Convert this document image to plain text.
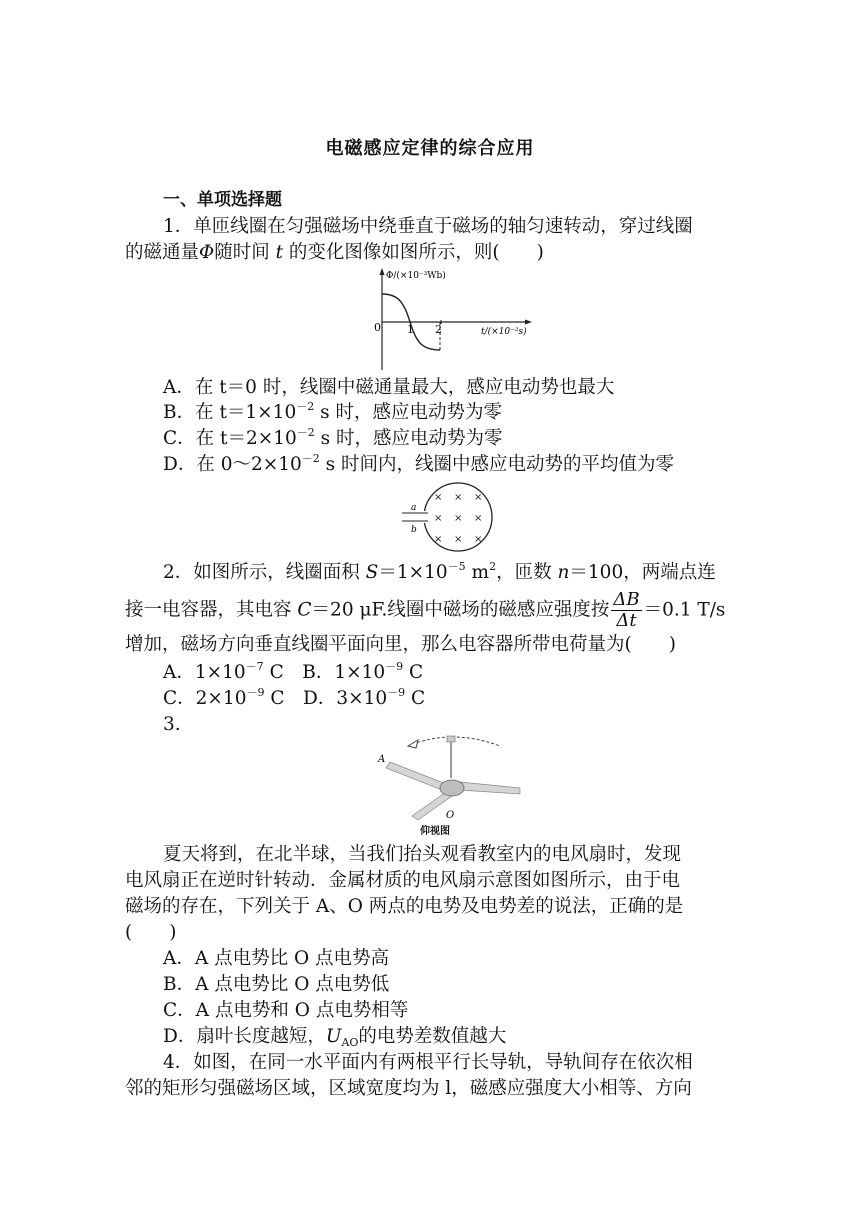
电磁感应定律的综合应用
一、单项选择题
1．单匝线圈在匀强磁场中绕垂直于磁场的轴匀速转动，穿过线圈
的磁通量Φ随时间 t 的变化图像如图所示，则(　　)
Φ/(×10⁻³Wb)
t/(×10⁻²s)
0 1 2
A．在 t＝0 时，线圈中磁通量最大，感应电动势也最大
B．在 $t=1\times 10^{-2}$ s 时，感应电动势为零
C．在 $t=2\times 10^{-2}$ s 时，感应电动势为零
D．在 $0\sim 2\times 10^{-2}$ s 时间内，线圈中感应电动势的平均值为零
a
b
× × ×
× × ×
× × ×
2．如图所示，线圈面积 $S=1\times 10^{-5}$ $m^2$，匝数 n＝100，两端点连
接一电容器，其电容 C＝20 μF.线圈中磁场的磁感应强度按 $\frac{\Delta B}{\Delta t} =0.1$ T/s
增加，磁场方向垂直线圈平面向里，那么电容器所带电荷量为(　　)
A．$1\times 10^{-7}$ C　B．$1\times 10^{-9}$ C
C．$2\times 10^{-9}$ C　D．$3\times 10^{-9}$ C
3.
A
O
仰视图
夏天将到，在北半球，当我们抬头观看教室内的电风扇时，发现
电风扇正在逆时针转动．金属材质的电风扇示意图如图所示，由于电
磁场的存在，下列关于 A、O 两点的电势及电势差的说法，正确的是
(　　)
A．A 点电势比 O 点电势高
B．A 点电势比 O 点电势低
C．A 点电势和 O 点电势相等
D．扇叶长度越短，$U_{AO}$的电势差数值越大
4．如图，在同一水平面内有两根平行长导轨，导轨间存在依次相
邻的矩形匀强磁场区域，区域宽度均为 l，磁感应强度大小相等、方向
